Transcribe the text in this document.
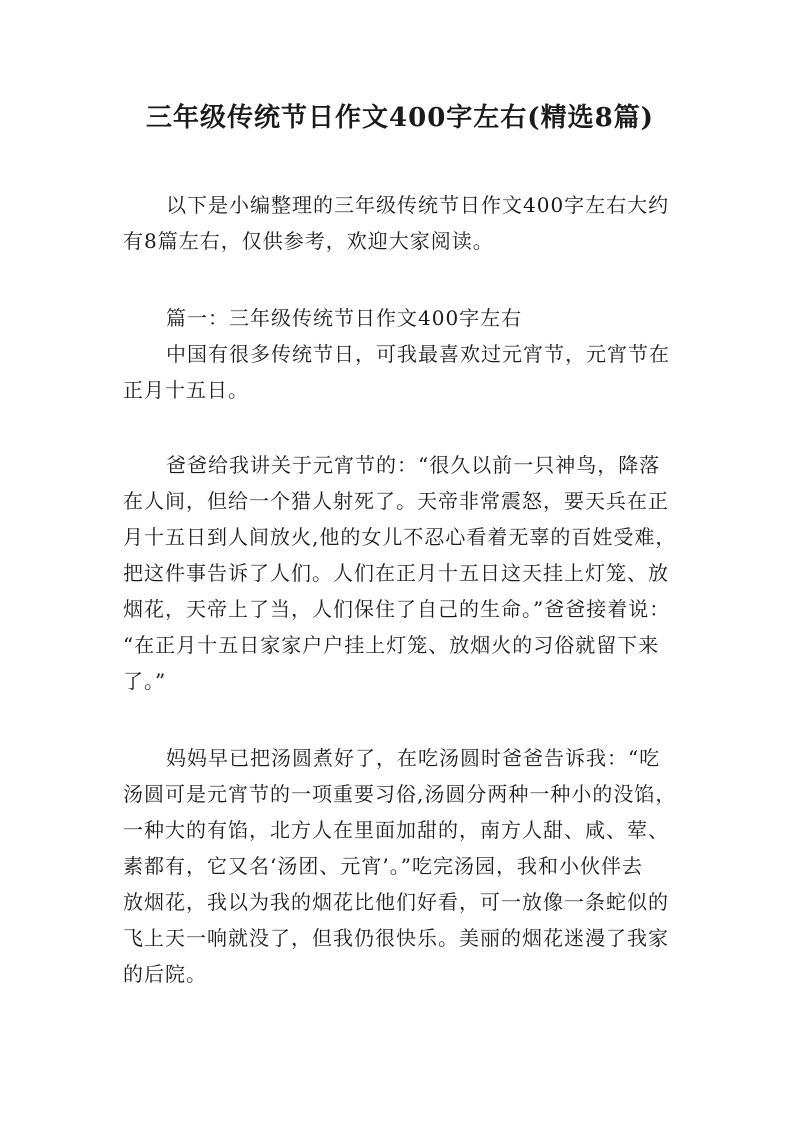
三年级传统节日作文400字左右(精选8篇)
以下是小编整理的三年级传统节日作文400字左右大约
有8篇左右，仅供参考，欢迎大家阅读。
篇一：三年级传统节日作文400字左右
中国有很多传统节日，可我最喜欢过元宵节，元宵节在
正月十五日。
爸爸给我讲关于元宵节的：“很久以前一只神鸟，降落
在人间，但给一个猎人射死了。天帝非常震怒，要天兵在正
月十五日到人间放火,他的女儿不忍心看着无辜的百姓受难，
把这件事告诉了人们。人们在正月十五日这天挂上灯笼、放
烟花，天帝上了当，人们保住了自己的生命。”爸爸接着说：
“在正月十五日家家户户挂上灯笼、放烟火的习俗就留下来
了。”
妈妈早已把汤圆煮好了，在吃汤圆时爸爸告诉我：“吃
汤圆可是元宵节的一项重要习俗,汤圆分两种一种小的没馅，
一种大的有馅，北方人在里面加甜的，南方人甜、咸、荤、
素都有，它又名‘汤团、元宵’。”吃完汤园，我和小伙伴去
放烟花，我以为我的烟花比他们好看，可一放像一条蛇似的
飞上天一响就没了，但我仍很快乐。美丽的烟花迷漫了我家
的后院。
